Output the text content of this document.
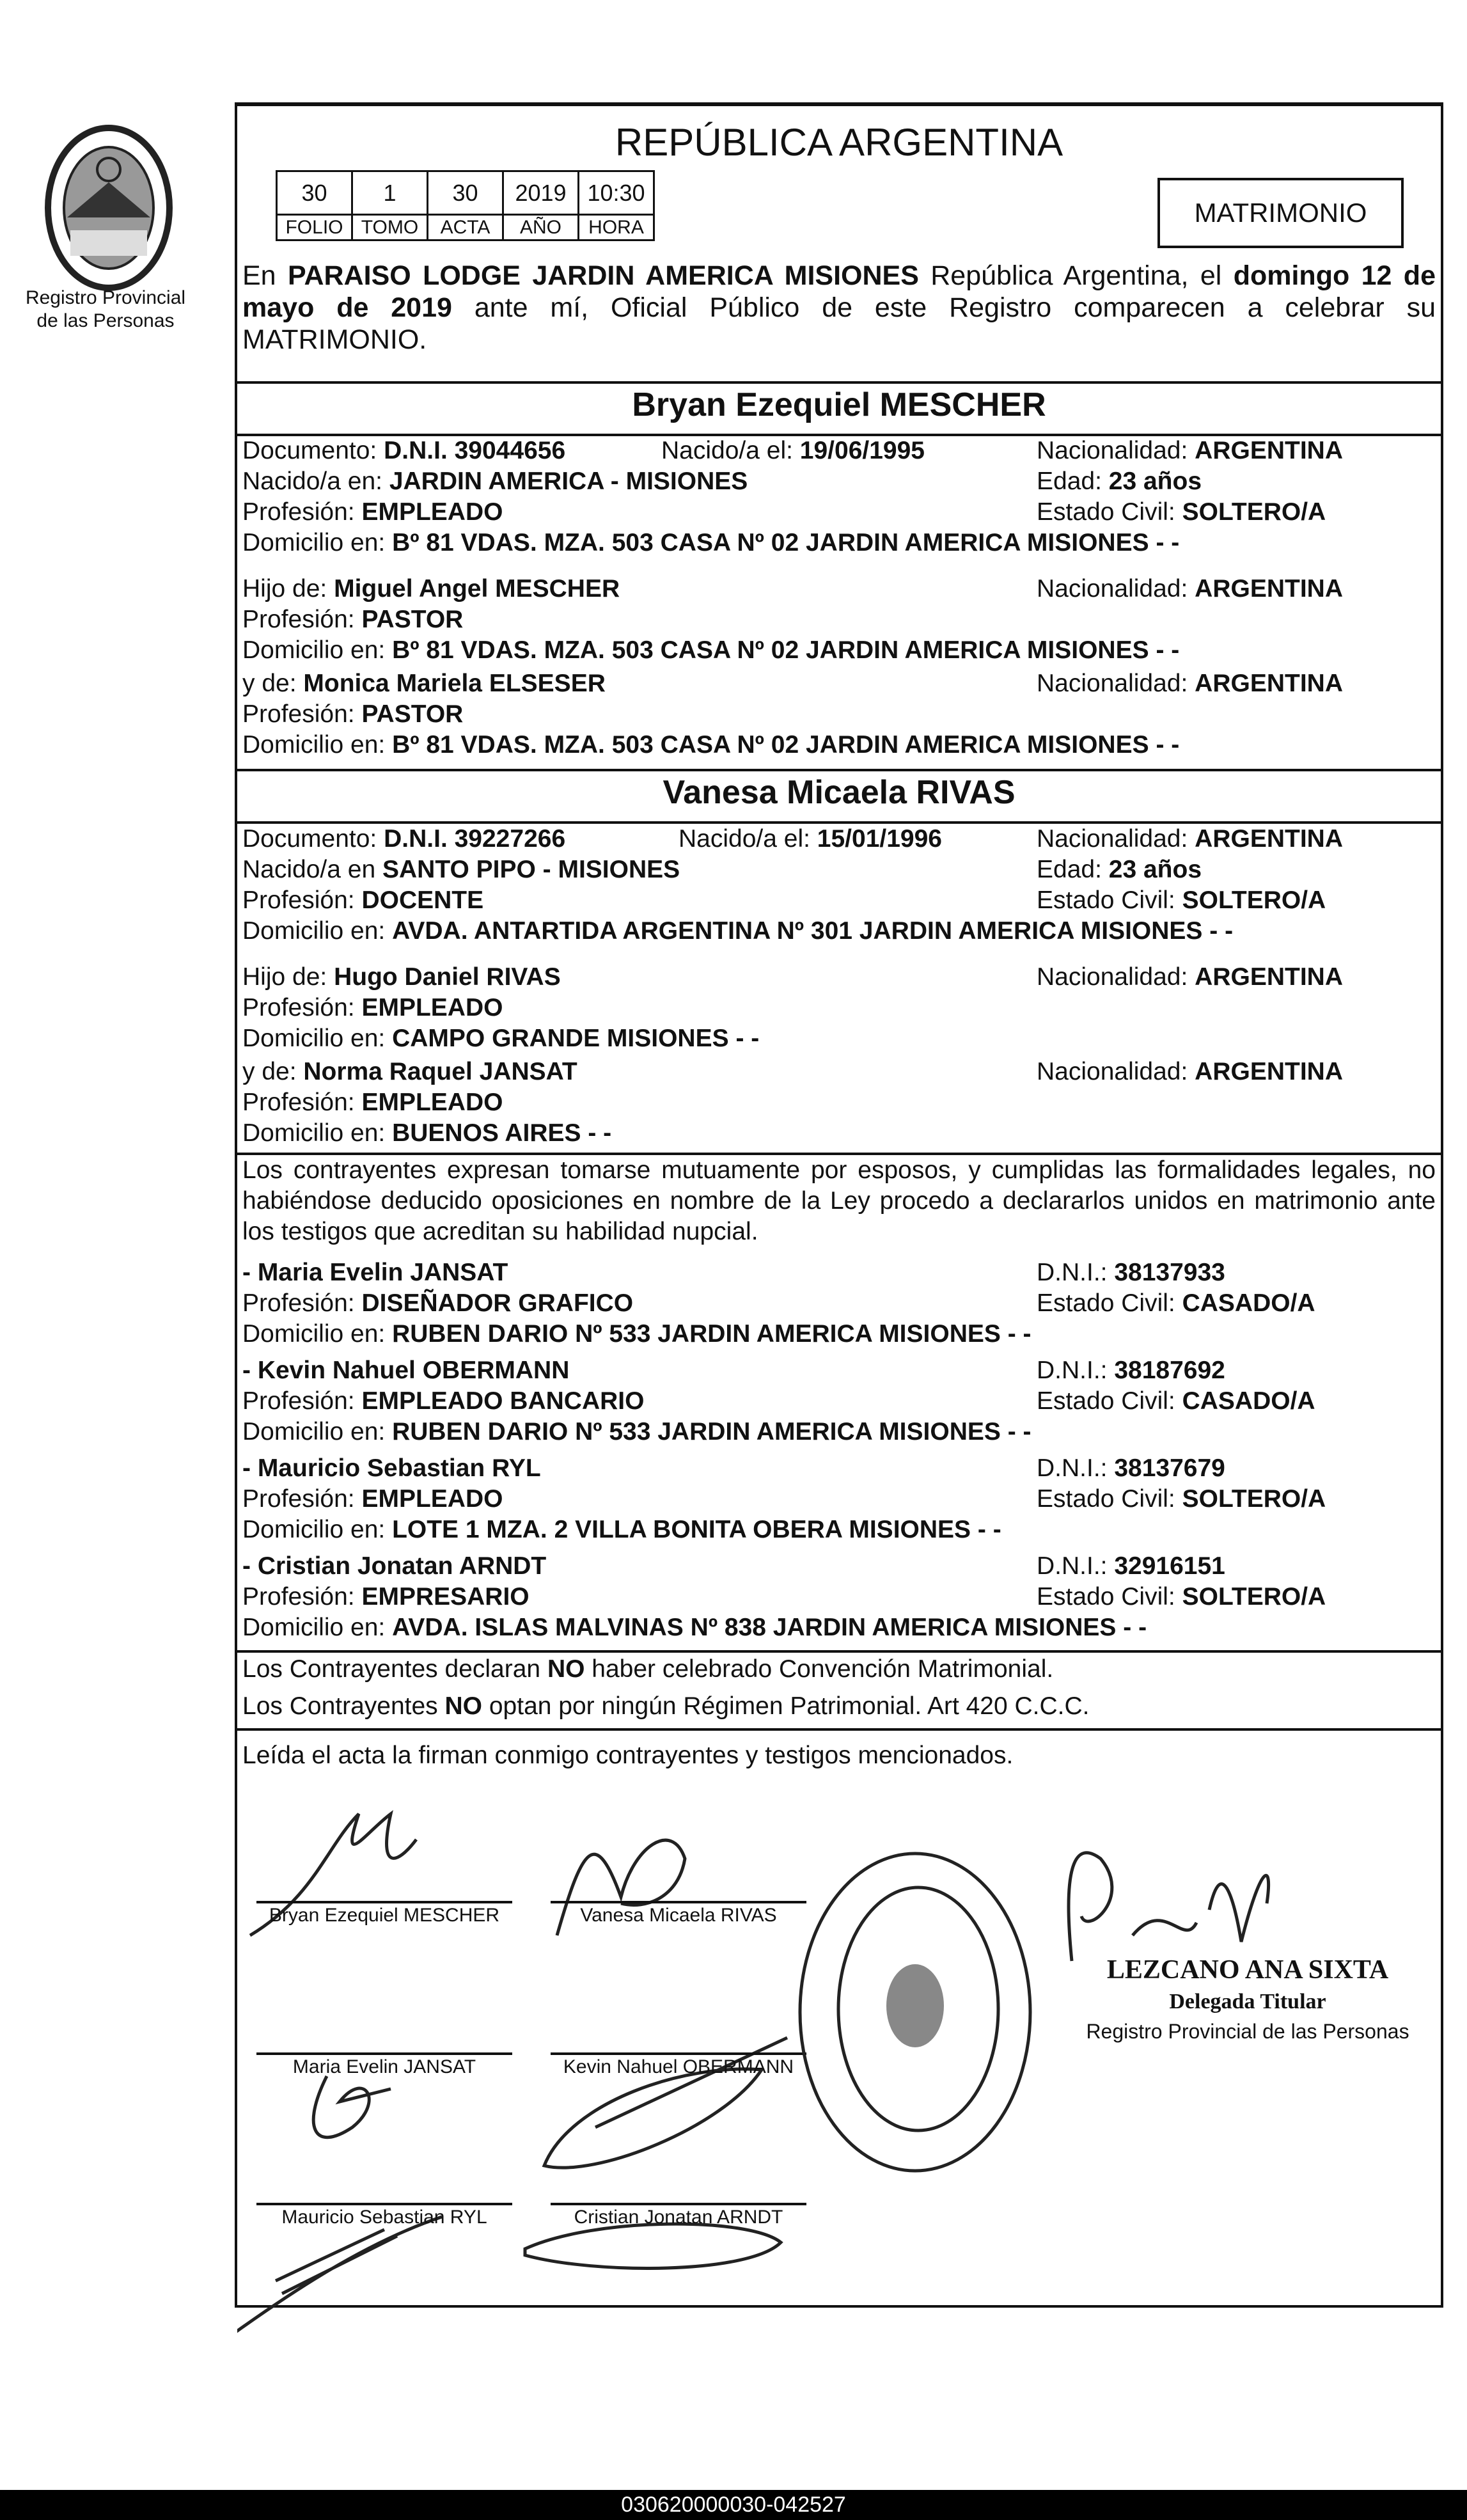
Registro Provincial
de las Personas
REPÚBLICA ARGENTINA
30	1	30	2019	10:30
FOLIO	TOMO	ACTA	AÑO	HORA	MATRIMONIO
En PARAISO LODGE JARDIN AMERICA MISIONES República Argentina, el domingo 12 de mayo de 2019 ante mí, Oficial Público de este Registro comparecen a celebrar su MATRIMONIO.
Bryan Ezequiel MESCHER
Documento: D.N.I. 39044656	Nacido/a el: 19/06/1995	Nacionalidad: ARGENTINA
Nacido/a en: JARDIN AMERICA - MISIONES	Edad: 23 años
Profesión: EMPLEADO	Estado Civil: SOLTERO/A
Domicilio en: Bº 81 VDAS. MZA. 503 CASA Nº 02 JARDIN AMERICA MISIONES - -
Hijo de: Miguel Angel MESCHER	Nacionalidad: ARGENTINA
Profesión: PASTOR
Domicilio en: Bº 81 VDAS. MZA. 503 CASA Nº 02 JARDIN AMERICA MISIONES - -
y de: Monica Mariela ELSESER	Nacionalidad: ARGENTINA
Profesión: PASTOR
Domicilio en: Bº 81 VDAS. MZA. 503 CASA Nº 02 JARDIN AMERICA MISIONES - -
Vanesa Micaela RIVAS
Documento: D.N.I. 39227266	Nacido/a el: 15/01/1996	Nacionalidad: ARGENTINA
Nacido/a en SANTO PIPO - MISIONES	Edad: 23 años
Profesión: DOCENTE	Estado Civil: SOLTERO/A
Domicilio en: AVDA. ANTARTIDA ARGENTINA Nº 301 JARDIN AMERICA MISIONES - -
Hijo de: Hugo Daniel RIVAS	Nacionalidad: ARGENTINA
Profesión: EMPLEADO
Domicilio en: CAMPO GRANDE MISIONES - -
y de: Norma Raquel JANSAT	Nacionalidad: ARGENTINA
Profesión: EMPLEADO
Domicilio en: BUENOS AIRES - -
Los contrayentes expresan tomarse mutuamente por esposos, y cumplidas las formalidades legales, no habiéndose deducido oposiciones en nombre de la Ley procedo a declararlos unidos en matrimonio ante los testigos que acreditan su habilidad nupcial.
- Maria Evelin JANSAT	D.N.I.: 38137933
Profesión: DISEÑADOR GRAFICO	Estado Civil: CASADO/A
Domicilio en: RUBEN DARIO Nº 533 JARDIN AMERICA MISIONES - -
- Kevin Nahuel OBERMANN	D.N.I.: 38187692
Profesión: EMPLEADO BANCARIO	Estado Civil: CASADO/A
Domicilio en: RUBEN DARIO Nº 533 JARDIN AMERICA MISIONES - -
- Mauricio Sebastian RYL	D.N.I.: 38137679
Profesión: EMPLEADO	Estado Civil: SOLTERO/A
Domicilio en: LOTE 1 MZA. 2 VILLA BONITA OBERA MISIONES - -
- Cristian Jonatan ARNDT	D.N.I.: 32916151
Profesión: EMPRESARIO	Estado Civil: SOLTERO/A
Domicilio en: AVDA. ISLAS MALVINAS Nº 838 JARDIN AMERICA MISIONES - -
Los Contrayentes declaran NO haber celebrado Convención Matrimonial.
Los Contrayentes NO optan por ningún Régimen Patrimonial. Art 420 C.C.C.
Leída el acta la firman conmigo contrayentes y testigos mencionados.
Bryan Ezequiel MESCHER	Vanesa Micaela RIVAS
Maria Evelin JANSAT	Kevin Nahuel OBERMANN
Mauricio Sebastian RYL	Cristian Jonatan ARNDT
LEZCANO ANA SIXTA
Delegada Titular
Registro Provincial de las Personas
030620000030-042527
